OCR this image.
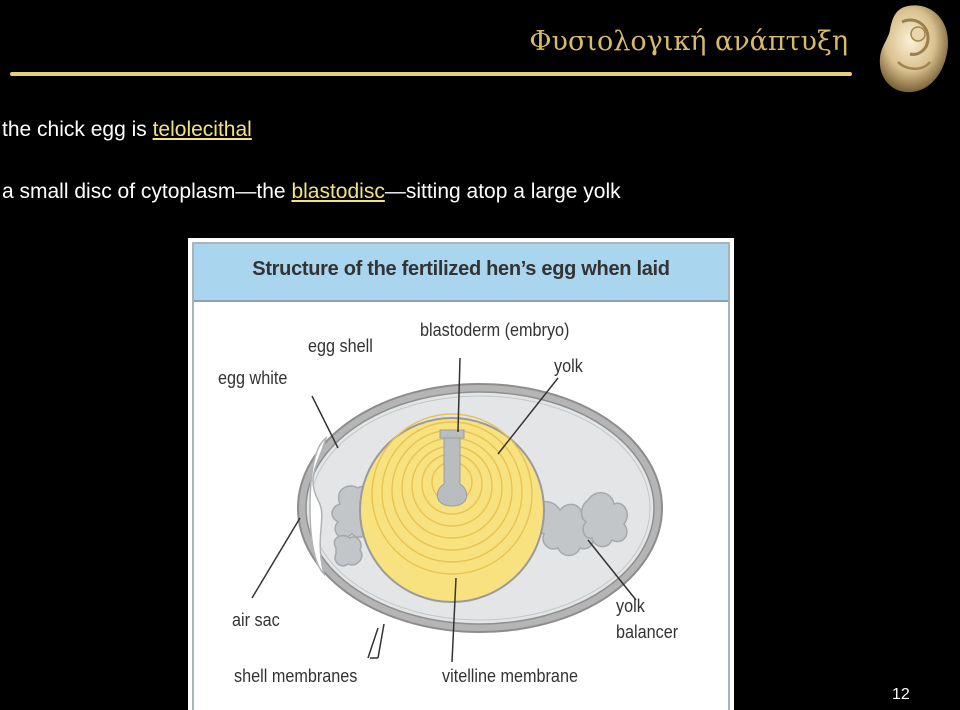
Φυσιολογική ανάπτυξη
the chick egg is telolecithal
a small disc of cytoplasm—the blastodisc—sitting atop a large yolk
Structure of the fertilized hen’s egg when laid
egg shell
egg white
blastoderm (embryo)
yolk
air sac
yolk
balancer
shell membranes	vitelline membrane
12
